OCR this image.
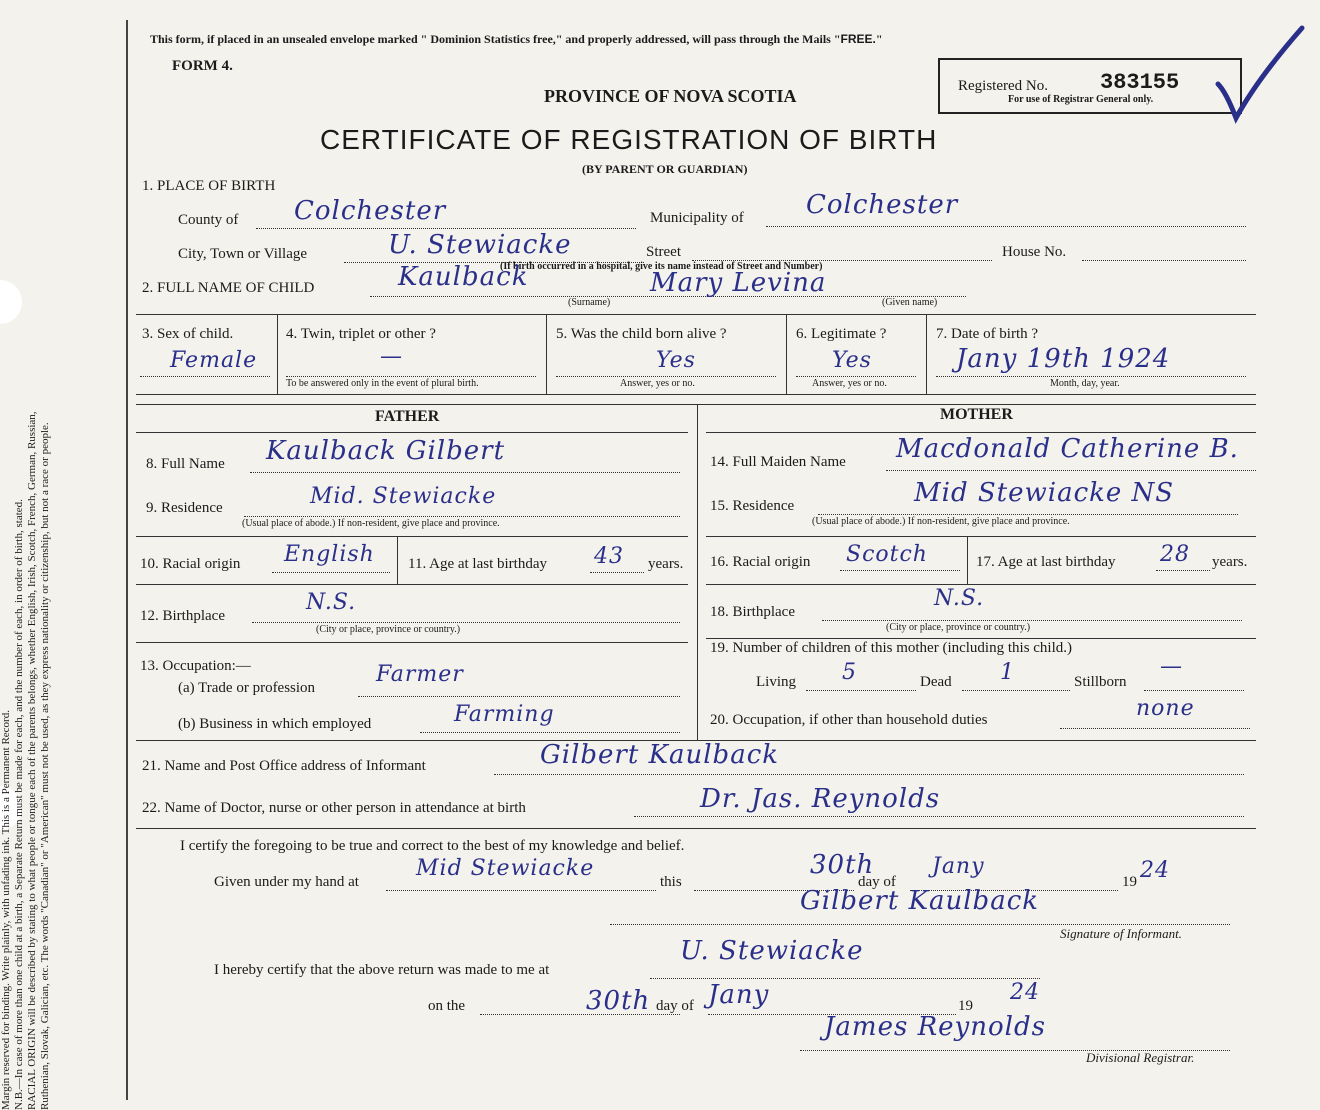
Margin reserved for binding. Write plainly, with unfading ink. This is a Permanent Record. N.B.—In case of more than one child at a birth, a Separate Return must be made for each, and the number of each, in order of birth, stated. RACIAL ORIGIN will be described by stating to what people or tongue each of the parents belongs, whether English, Irish, Scotch, French, German, Russian, Ruthenian, Slovak, Galician, etc. The words "Canadian" or "American" must not be used, as they express nationality or citizenship, but not a race or people.
This form, if placed in an unsealed envelope marked " Dominion Statistics free," and properly addressed, will pass through the Mails "FREE."
FORM 4.
PROVINCE OF NOVA SCOTIA
CERTIFICATE OF REGISTRATION OF BIRTH
(BY PARENT OR GUARDIAN)
Registered No. 383155
For use of Registrar General only.
1. PLACE OF BIRTH
County of Colchester	Municipality of Colchester
City, Town or Village	U. Stewiacke	Street	House No.
(If birth occurred in a hospital, give its name instead of Street and Number)
2. FULL NAME OF CHILD	Kaulback	Mary Levina
(Surname)	(Given name)
3. Sex of child.
Female
4. Twin, triplet or other ?
—
To be answered only in the event of plural birth.
5. Was the child born alive ?
Yes
Answer, yes or no.
6. Legitimate ?
Yes
Answer, yes or no.
7. Date of birth ?
Jany 19th 1924
Month, day, year.
FATHER	MOTHER
8. Full Name Kaulback Gilbert
9. Residence	Mid. Stewiacke
(Usual place of abode.) If non-resident, give place and province.
10. Racial origin English 11. Age at last birthday 43 years.
12. Birthplace
N.S.
(City or place, province or country.)
13. Occupation:—
(a) Trade or profession
Farmer
(b) Business in which employed	Farming
14. Full Maiden Name Macdonald Catherine B.
15. Residence	Mid Stewiacke NS
(Usual place of abode.) If non-resident, give place and province.
16. Racial origin Scotch	17. Age at last birthday 28 years.
18. Birthplace
N.S.
(City or place, province or country.)
19. Number of children of this mother (including this child.)
Living 5	Dead 1	Stillborn
—
20. Occupation, if other than household duties	none
21. Name and Post Office address of Informant	Gilbert Kaulback
22. Name of Doctor, nurse or other person in attendance at birth	Dr. Jas. Reynolds
I certify the foregoing to be true and correct to the best of my knowledge and belief.
Given under my hand at
Mid Stewiacke
this
30th
day of
Jany
19 24
Gilbert Kaulback
Signature of Informant.
I hereby certify that the above return was made to me at
U. Stewiacke
on the	30th day of Jany	19
24
James Reynolds
Divisional Registrar.
